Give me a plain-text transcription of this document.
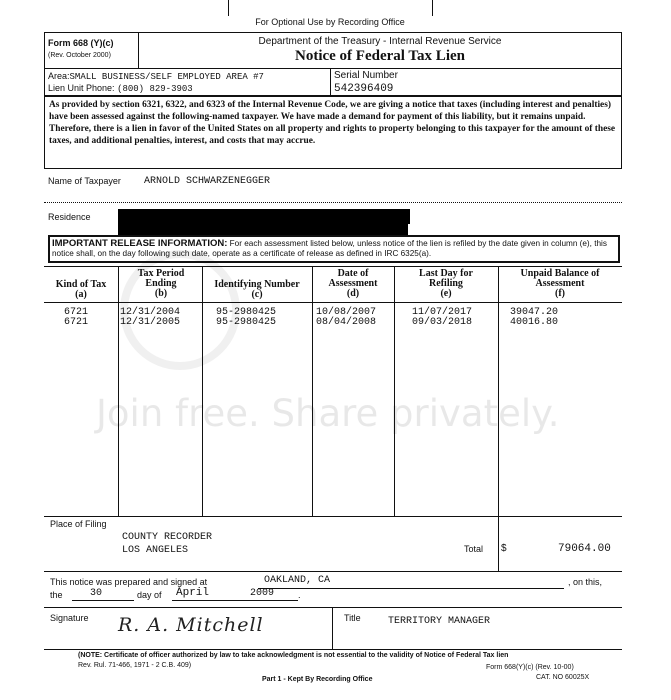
For Optional Use by Recording Office
Form 668 (Y)(c)
(Rev. October 2000)
Department of the Treasury - Internal Revenue Service
Notice of Federal Tax Lien
Area:SMALL BUSINESS/SELF EMPLOYED AREA #7
Lien Unit Phone: (800) 829-3903
Serial Number
542396409
As provided by section 6321, 6322, and 6323 of the Internal Revenue Code, we are giving a notice that taxes (including interest and penalties) have been assessed against the following-named taxpayer. We have made a demand for payment of this liability, but it remains unpaid. Therefore, there is a lien in favor of the United States on all property and rights to property belonging to this taxpayer for the amount of these taxes, and additional penalties, interest, and costs that may accrue.
Name of Taxpayer ARNOLD SCHWARZENEGGER
Residence
IMPORTANT RELEASE INFORMATION: For each assessment listed below, unless notice of the lien is refiled by the date given in column (e), this notice shall, on the day following such date, operate as a certificate of release as defined in IRC 6325(a).
Kind of Tax
(a)
Tax Period Ending
(b)
Identifying Number
(c)
Date of Assessment
(d)
Last Day for Refiling
(e)
Unpaid Balance of Assessment
(f)
6721	12/31/2004	95-2980425	10/08/2007	11/07/2017	39047.20
6721	12/31/2005	95-2980425	08/04/2008	09/03/2018	40016.80
Join free. Share privately.
Place of Filing
COUNTY RECORDER
LOS ANGELES	Total $	79064.00
This notice was prepared and signed at	OAKLAND, CA	, on this,
the	30	day of April	2009	.
Signature R. A. Mitchell	Title	TERRITORY MANAGER
(NOTE: Certificate of officer authorized by law to take acknowledgment is not essential to the validity of Notice of Federal Tax lien
Rev. Rul. 71-466, 1971 - 2 C.B. 409)	Form 668(Y)(c) (Rev. 10-00)
CAT. NO 60025X
Part 1 - Kept By Recording Office
